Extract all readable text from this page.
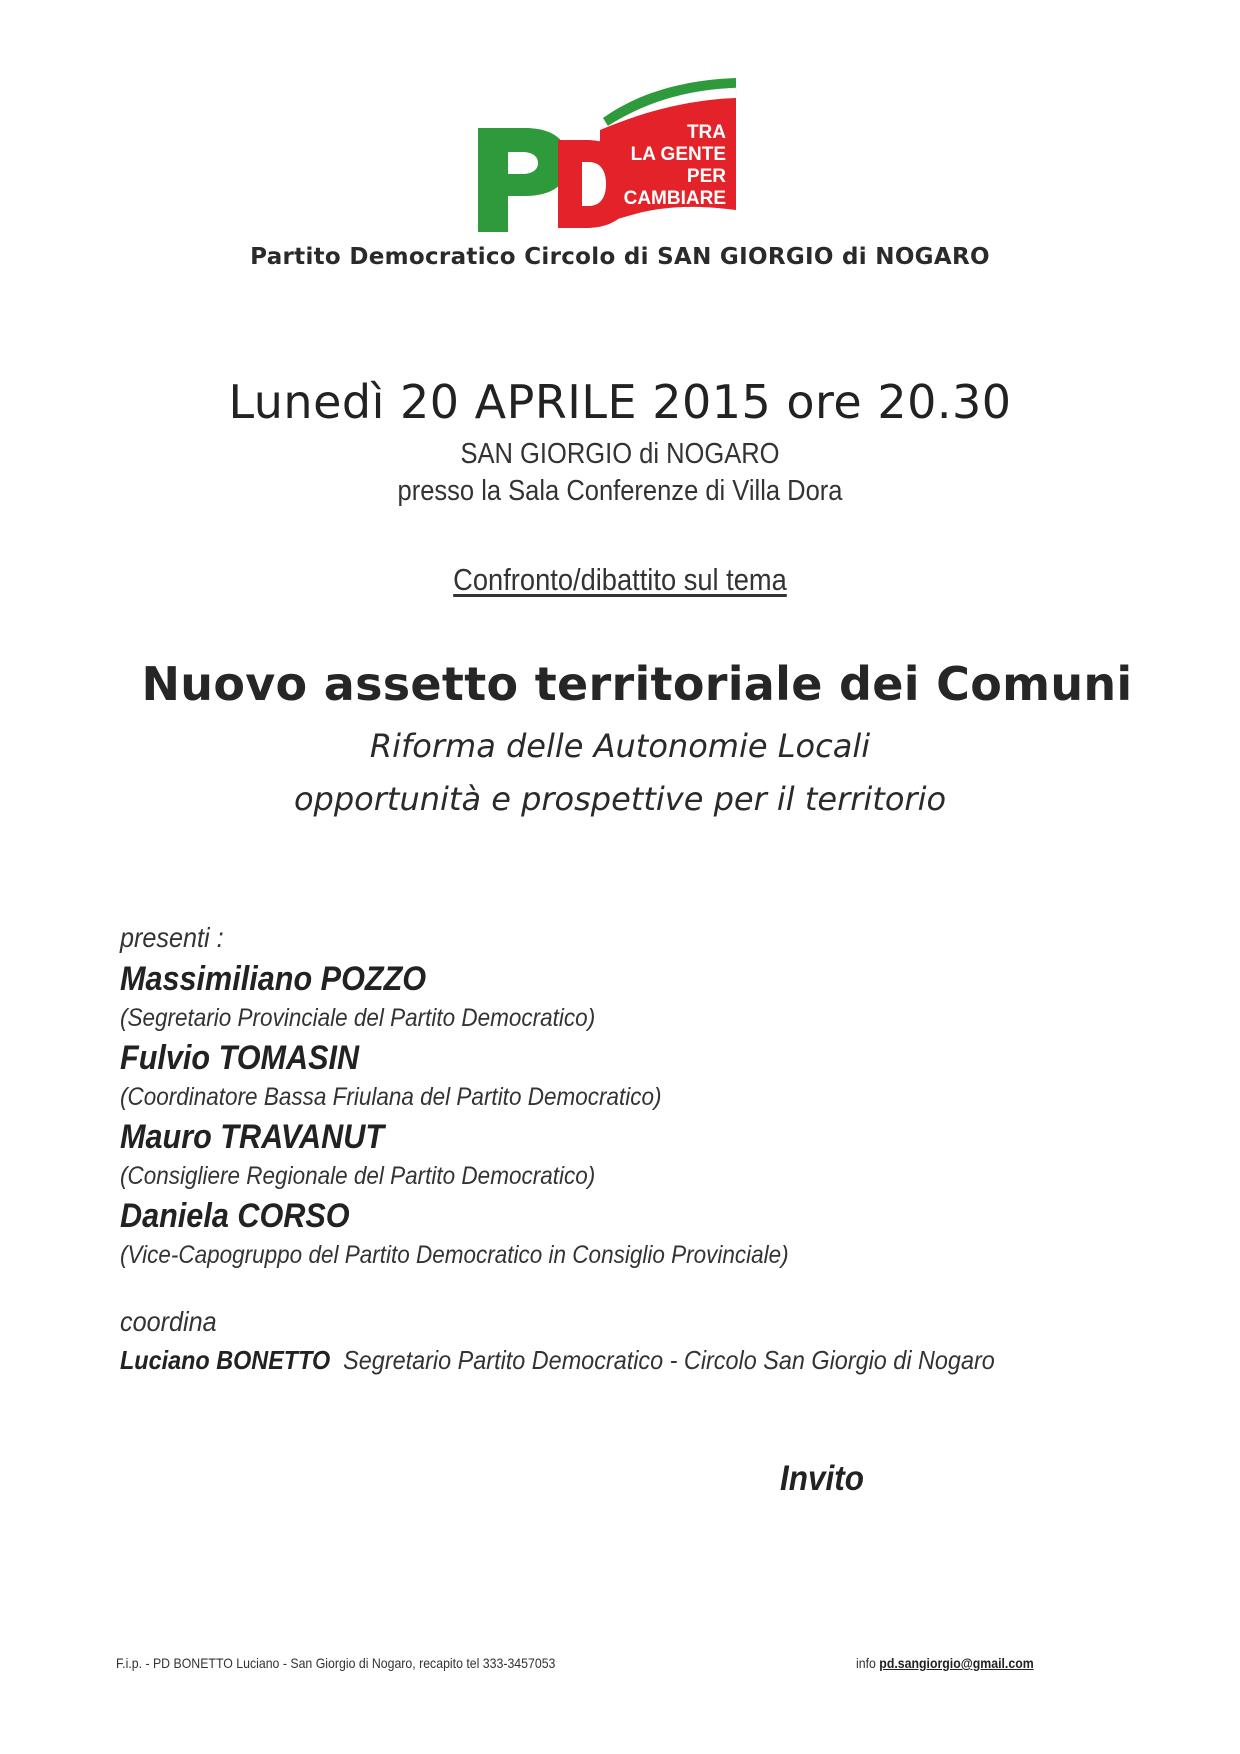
TRA
LA GENTE
PER
CAMBIARE
Partito Democratico Circolo di SAN GIORGIO di NOGARO
Lunedì 20 APRILE 2015 ore 20.30
SAN GIORGIO di NOGARO
presso la Sala Conferenze di Villa Dora
Confronto/dibattito sul tema
Nuovo assetto territoriale dei Comuni
Riforma delle Autonomie Locali
opportunità e prospettive per il territorio
presenti :
Massimiliano POZZO
(Segretario Provinciale del Partito Democratico)
Fulvio TOMASIN
(Coordinatore Bassa Friulana del Partito Democratico)
Mauro TRAVANUT
(Consigliere Regionale del Partito Democratico)
Daniela CORSO
(Vice-Capogruppo del Partito Democratico in Consiglio Provinciale)
coordina
Luciano BONETTO Segretario Partito Democratico - Circolo San Giorgio di Nogaro
Invito
F.i.p. - PD BONETTO Luciano - San Giorgio di Nogaro, recapito tel 333-3457053	info pd.sangiorgio@gmail.com
